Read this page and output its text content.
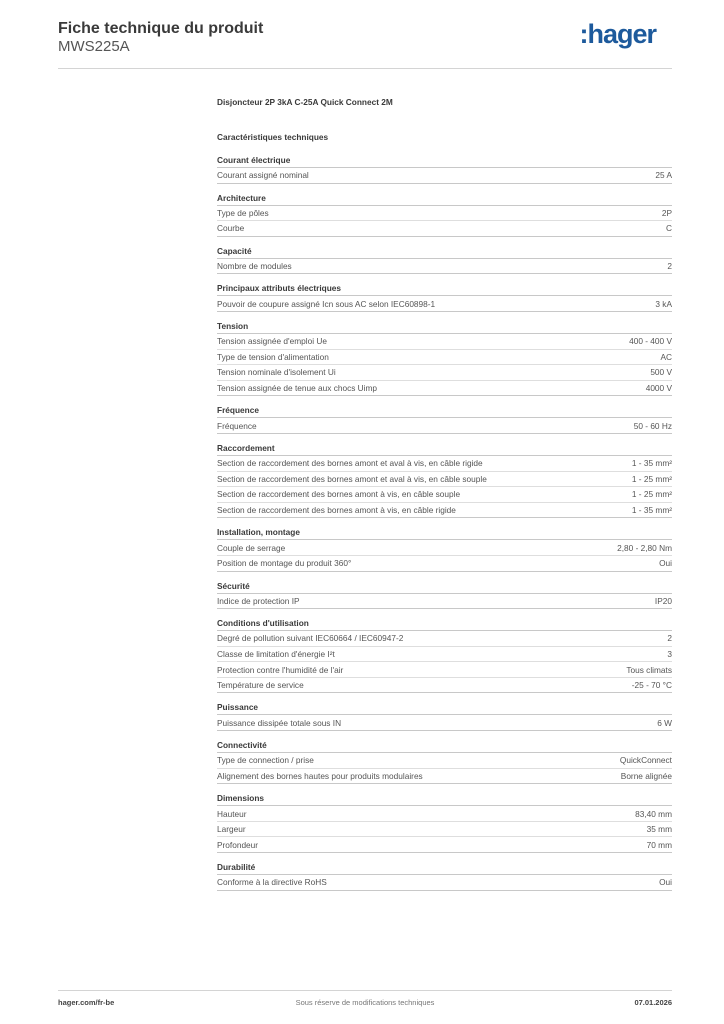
Fiche technique du produit
MWS225A	:hager
Disjoncteur 2P 3kA C-25A Quick Connect 2M
Caractéristiques techniques
Courant électrique
Courant assigné nominal	25 A
Architecture
Type de pôles	2P
Courbe	C
Capacité
Nombre de modules	2
Principaux attributs électriques
Pouvoir de coupure assigné Icn sous AC selon IEC60898-1	3 kA
Tension
Tension assignée d'emploi Ue	400 - 400 V
Type de tension d'alimentation	AC
Tension nominale d'isolement Ui	500 V
Tension assignée de tenue aux chocs Uimp	4000 V
Fréquence
Fréquence	50 - 60 Hz
Raccordement
Section de raccordement des bornes amont et aval à vis, en câble rigide	1 - 35 mm²
Section de raccordement des bornes amont et aval à vis, en câble souple	1 - 25 mm²
Section de raccordement des bornes amont à vis, en câble souple	1 - 25 mm²
Section de raccordement des bornes amont à vis, en câble rigide	1 - 35 mm²
Installation, montage
Couple de serrage	2,80 - 2,80 Nm
Position de montage du produit 360°	Oui
Sécurité
Indice de protection IP	IP20
Conditions d'utilisation
Degré de pollution suivant IEC60664 / IEC60947-2	2
Classe de limitation d'énergie I²t	3
Protection contre l'humidité de l'air	Tous climats
Température de service	-25 - 70 °C
Puissance
Puissance dissipée totale sous IN	6 W
Connectivité
Type de connection / prise	QuickConnect
Alignement des bornes hautes pour produits modulaires	Borne alignée
Dimensions
Hauteur	83,40 mm
Largeur	35 mm
Profondeur	70 mm
Durabilité
Conforme à la directive RoHS	Oui
hager.com/fr-be	Sous réserve de modifications techniques	07.01.2026
